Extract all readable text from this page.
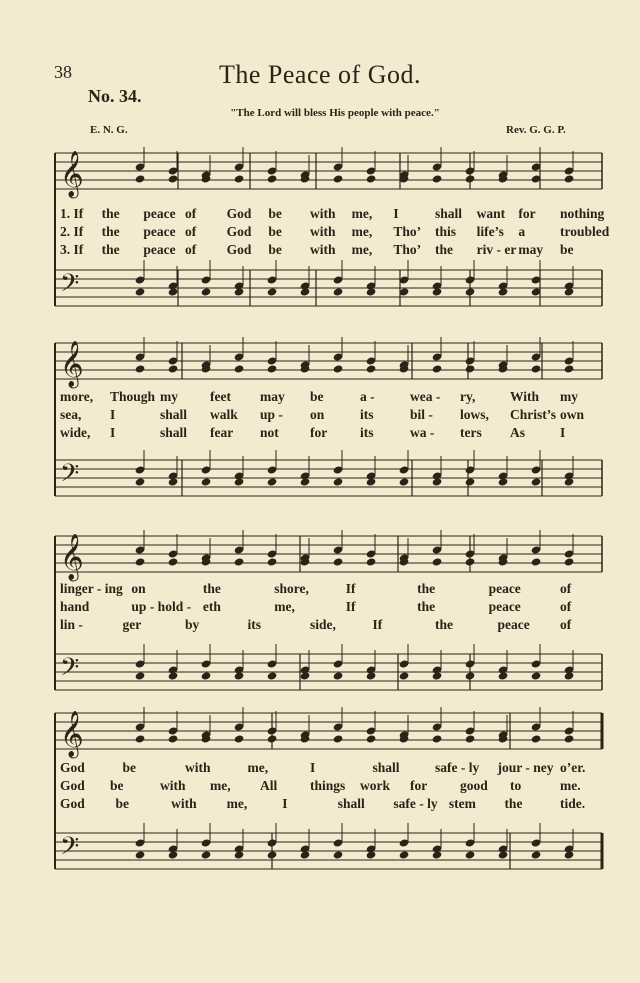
38	The Peace of God.
No. 34.
"The Lord will bless His people with peace."
E. N. G.	Rev. G. G. P.
𝄞
𝄢
𝄞
𝄢
𝄞
𝄢
𝄞
𝄢
1. If the peace of God be with me, I	shall want for nothing
2. If the peace of God be with me, Tho’ this life’s a	troubled
3. If the peace of God be with me, Tho’ the riv - er may be
more, Though my feet may be	a -	wea - ry,	With my
sea, I	shall walk up - on	its	bil - lows, Christ’s own
wide, I	shall fear not for its	wa - ters As	I
linger - ing on	the	shore,	If	the	peace	of
hand	up - hold - eth	me,	If	the	peace	of
lin -	ger	by	its	side,	If	the	peace of
God	be	with	me,	I	shall	safe - ly jour - ney o’er.
God be	with me, All things work for good to	me.
God be	with me,	I	shall safe - ly stem the	tide.
